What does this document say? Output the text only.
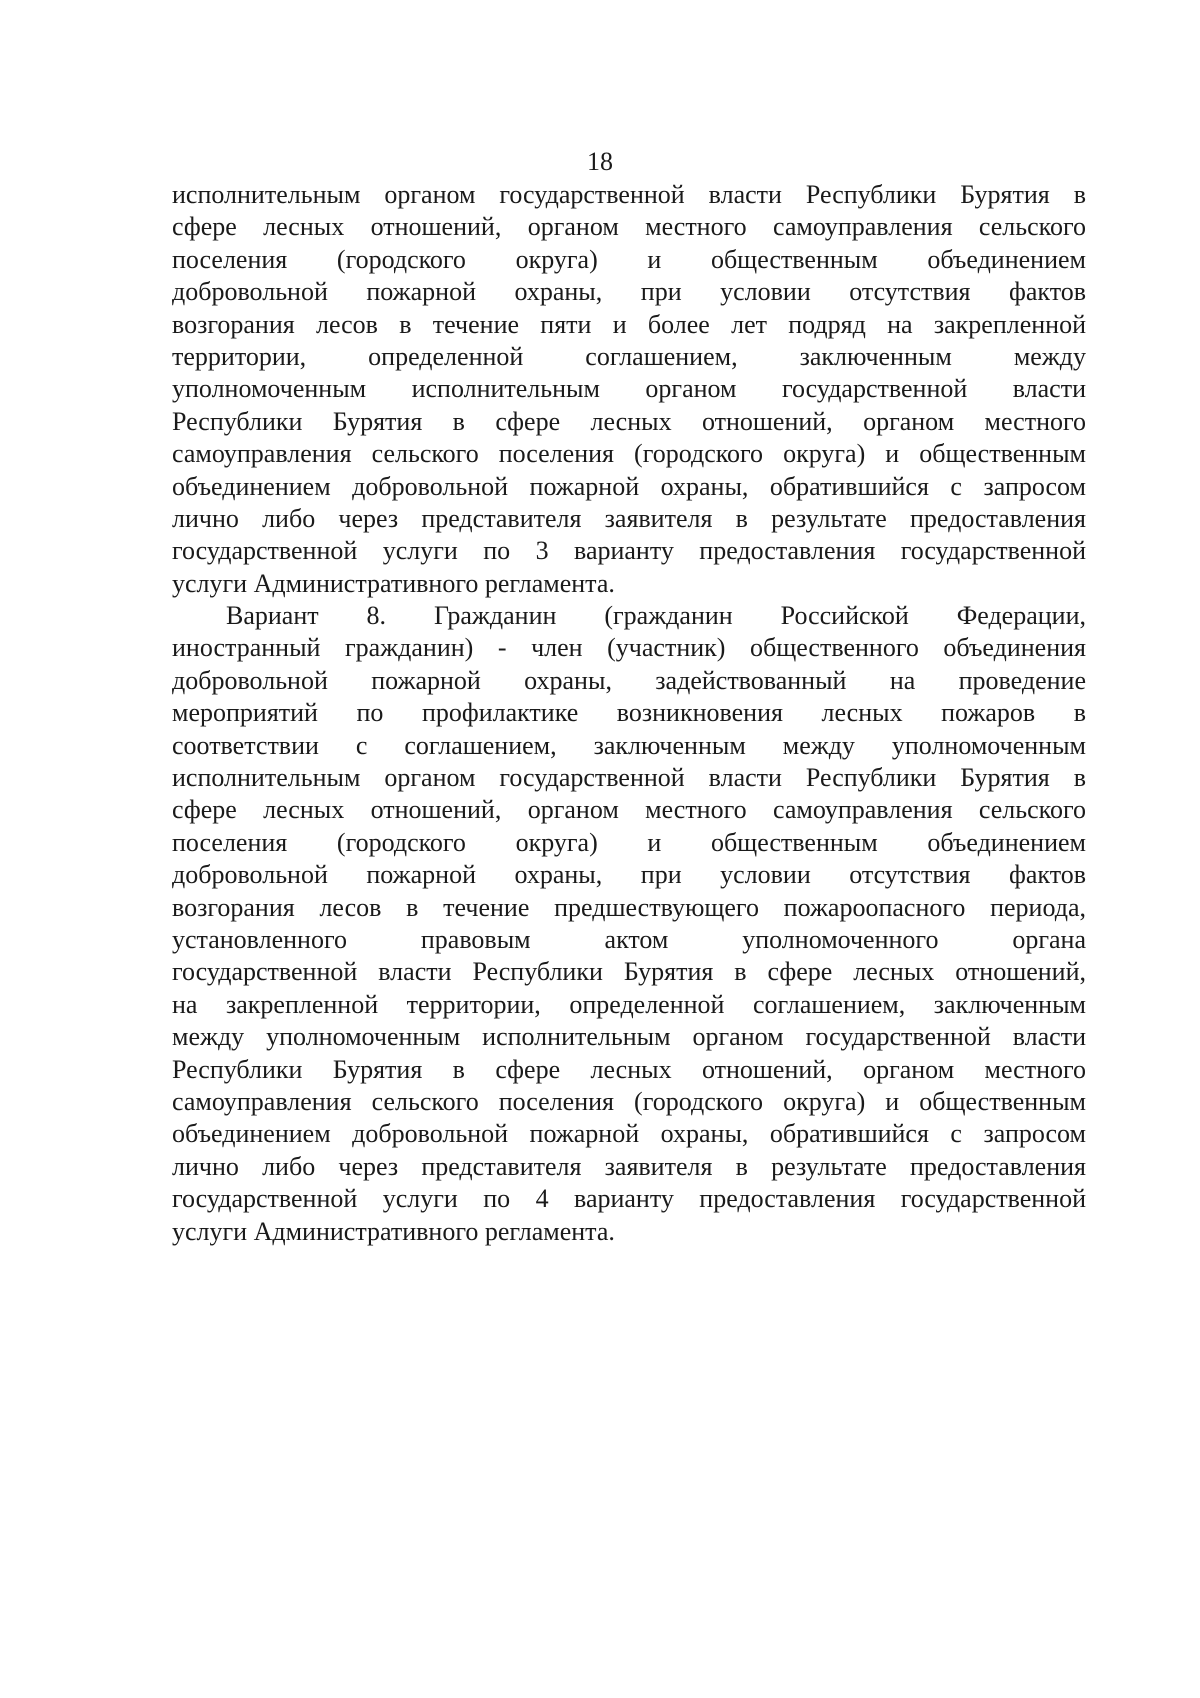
18
исполнительным органом государственной власти Республики Бурятия в
сфере лесных отношений, органом местного самоуправления сельского
поселения (городского округа) и общественным объединением
добровольной пожарной охраны, при условии отсутствия фактов
возгорания лесов в течение пяти и более лет подряд на закрепленной
территории, определенной соглашением, заключенным между
уполномоченным исполнительным органом государственной власти
Республики Бурятия в сфере лесных отношений, органом местного
самоуправления сельского поселения (городского округа) и общественным
объединением добровольной пожарной охраны, обратившийся с запросом
лично либо через представителя заявителя в результате предоставления
государственной услуги по 3 варианту предоставления государственной
услуги Административного регламента.
Вариант 8. Гражданин (гражданин Российской Федерации,
иностранный гражданин) - член (участник) общественного объединения
добровольной пожарной охраны, задействованный на проведение
мероприятий по профилактике возникновения лесных пожаров в
соответствии с соглашением, заключенным между уполномоченным
исполнительным органом государственной власти Республики Бурятия в
сфере лесных отношений, органом местного самоуправления сельского
поселения (городского округа) и общественным объединением
добровольной пожарной охраны, при условии отсутствия фактов
возгорания лесов в течение предшествующего пожароопасного периода,
установленного правовым актом уполномоченного органа
государственной власти Республики Бурятия в сфере лесных отношений,
на закрепленной территории, определенной соглашением, заключенным
между уполномоченным исполнительным органом государственной власти
Республики Бурятия в сфере лесных отношений, органом местного
самоуправления сельского поселения (городского округа) и общественным
объединением добровольной пожарной охраны, обратившийся с запросом
лично либо через представителя заявителя в результате предоставления
государственной услуги по 4 варианту предоставления государственной
услуги Административного регламента.
